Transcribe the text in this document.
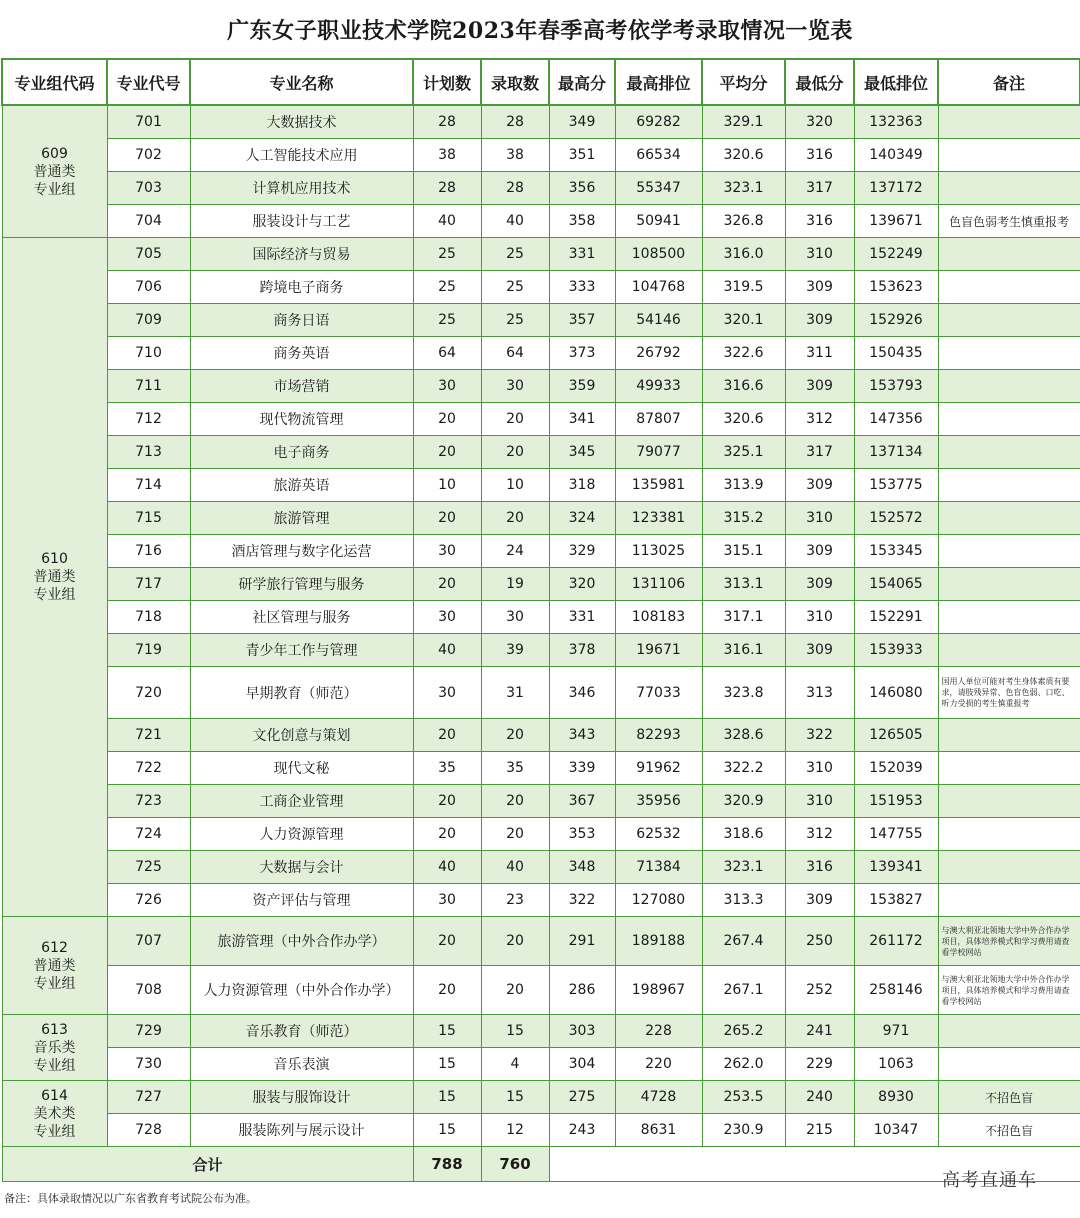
广东女子职业技术学院2023年春季高考依学考录取情况一览表
专业组代码	专业代号	专业名称	计划数	录取数	最高分	最高排位	平均分	最低分	最低排位	备注

609
普通类
专业组	701	大数据技术	28	28	349	69282	329.1	320	132363	
	702	人工智能技术应用	38	38	351	66534	320.6	316	140349	
	703	计算机应用技术	28	28	356	55347	323.1	317	137172	
	704	服装设计与工艺	40	40	358	50941	326.8	316	139671	色盲色弱考生慎重报考

610
普通类
专业组	705	国际经济与贸易	25	25	331	108500	316.0	310	152249	
	706	跨境电子商务	25	25	333	104768	319.5	309	153623	
	709	商务日语	25	25	357	54146	320.1	309	152926	
	710	商务英语	64	64	373	26792	322.6	311	150435	
	711	市场营销	30	30	359	49933	316.6	309	153793	
	712	现代物流管理	20	20	341	87807	320.6	312	147356	
	713	电子商务	20	20	345	79077	325.1	317	137134	
	714	旅游英语	10	10	318	135981	313.9	309	153775	
	715	旅游管理	20	20	324	123381	315.2	310	152572	
	716	酒店管理与数字化运营	30	24	329	113025	315.1	309	153345	
	717	研学旅行管理与服务	20	19	320	131106	313.1	309	154065	
	718	社区管理与服务	30	30	331	108183	317.1	310	152291	
	719	青少年工作与管理	40	39	378	19671	316.1	309	153933	
	720	早期教育（师范）	30	31	346	77033	323.8	313	146080	国用人单位可能对考生身体素质有要求，请肢残异常、色盲色弱、口吃、听力受损的考生慎重报考
	721	文化创意与策划	20	20	343	82293	328.6	322	126505	
	722	现代文秘	35	35	339	91962	322.2	310	152039	
	723	工商企业管理	20	20	367	35956	320.9	310	151953	
	724	人力资源管理	20	20	353	62532	318.6	312	147755	
	725	大数据与会计	40	40	348	71384	323.1	316	139341	
	726	资产评估与管理	30	23	322	127080	313.3	309	153827	

612
普通类
专业组	707	旅游管理（中外合作办学）	20	20	291	189188	267.4	250	261172	与澳大利亚北领地大学中外合作办学项目，具体培养模式和学习费用请查看学校网站
	708	人力资源管理（中外合作办学）	20	20	286	198967	267.1	252	258146	与澳大利亚北领地大学中外合作办学项目，具体培养模式和学习费用请查看学校网站

613
音乐类
专业组	729	音乐教育（师范）	15	15	303	228	265.2	241	971	
	730	音乐表演	15	4	304	220	262.0	229	1063	

614
美术类
专业组	727	服装与服饰设计	15	15	275	4728	253.5	240	8930	不招色盲
	728	服装陈列与展示设计	15	12	243	8631	230.9	215	10347	不招色盲
合计			788	760						
备注：具体录取情况以广东省教育考试院公布为准。
高考直通车
